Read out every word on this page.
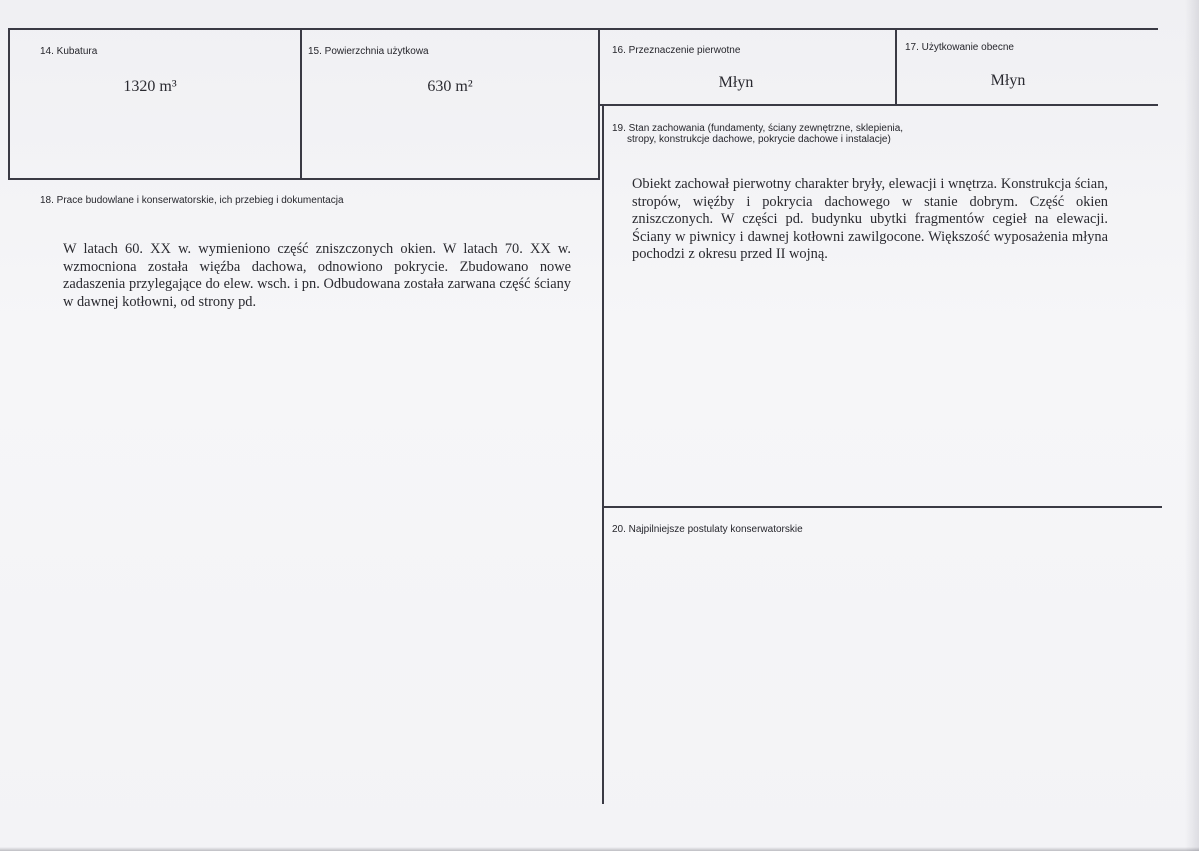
14. Kubatura
1320 m³
15. Powierzchnia użytkowa
630 m²
16. Przeznaczenie pierwotne
Młyn
17. Użytkowanie obecne
Młyn
18. Prace budowlane i konserwatorskie, ich przebieg i dokumentacja
W latach 60. XX w. wymieniono część zniszczonych okien. W latach 70. XX w. wzmocniona została więźba dachowa, odnowiono pokrycie. Zbudowano nowe zadaszenia przylegające do elew. wsch. i pn. Odbudowana została zarwana część ściany w dawnej kotłowni, od strony pd.
19. Stan zachowania (fundamenty, ściany zewnętrzne, sklepienia,
stropy, konstrukcje dachowe, pokrycie dachowe i instalacje)
Obiekt zachował pierwotny charakter bryły, elewacji i wnętrza. Konstrukcja ścian, stropów, więźby i pokrycia dachowego w stanie dobrym. Część okien zniszczonych. W części pd. budynku ubytki fragmentów cegieł na elewacji. Ściany w piwnicy i dawnej kotłowni zawilgocone. Większość wyposażenia młyna pochodzi z okresu przed II wojną.
20. Najpilniejsze postulaty konserwatorskie
